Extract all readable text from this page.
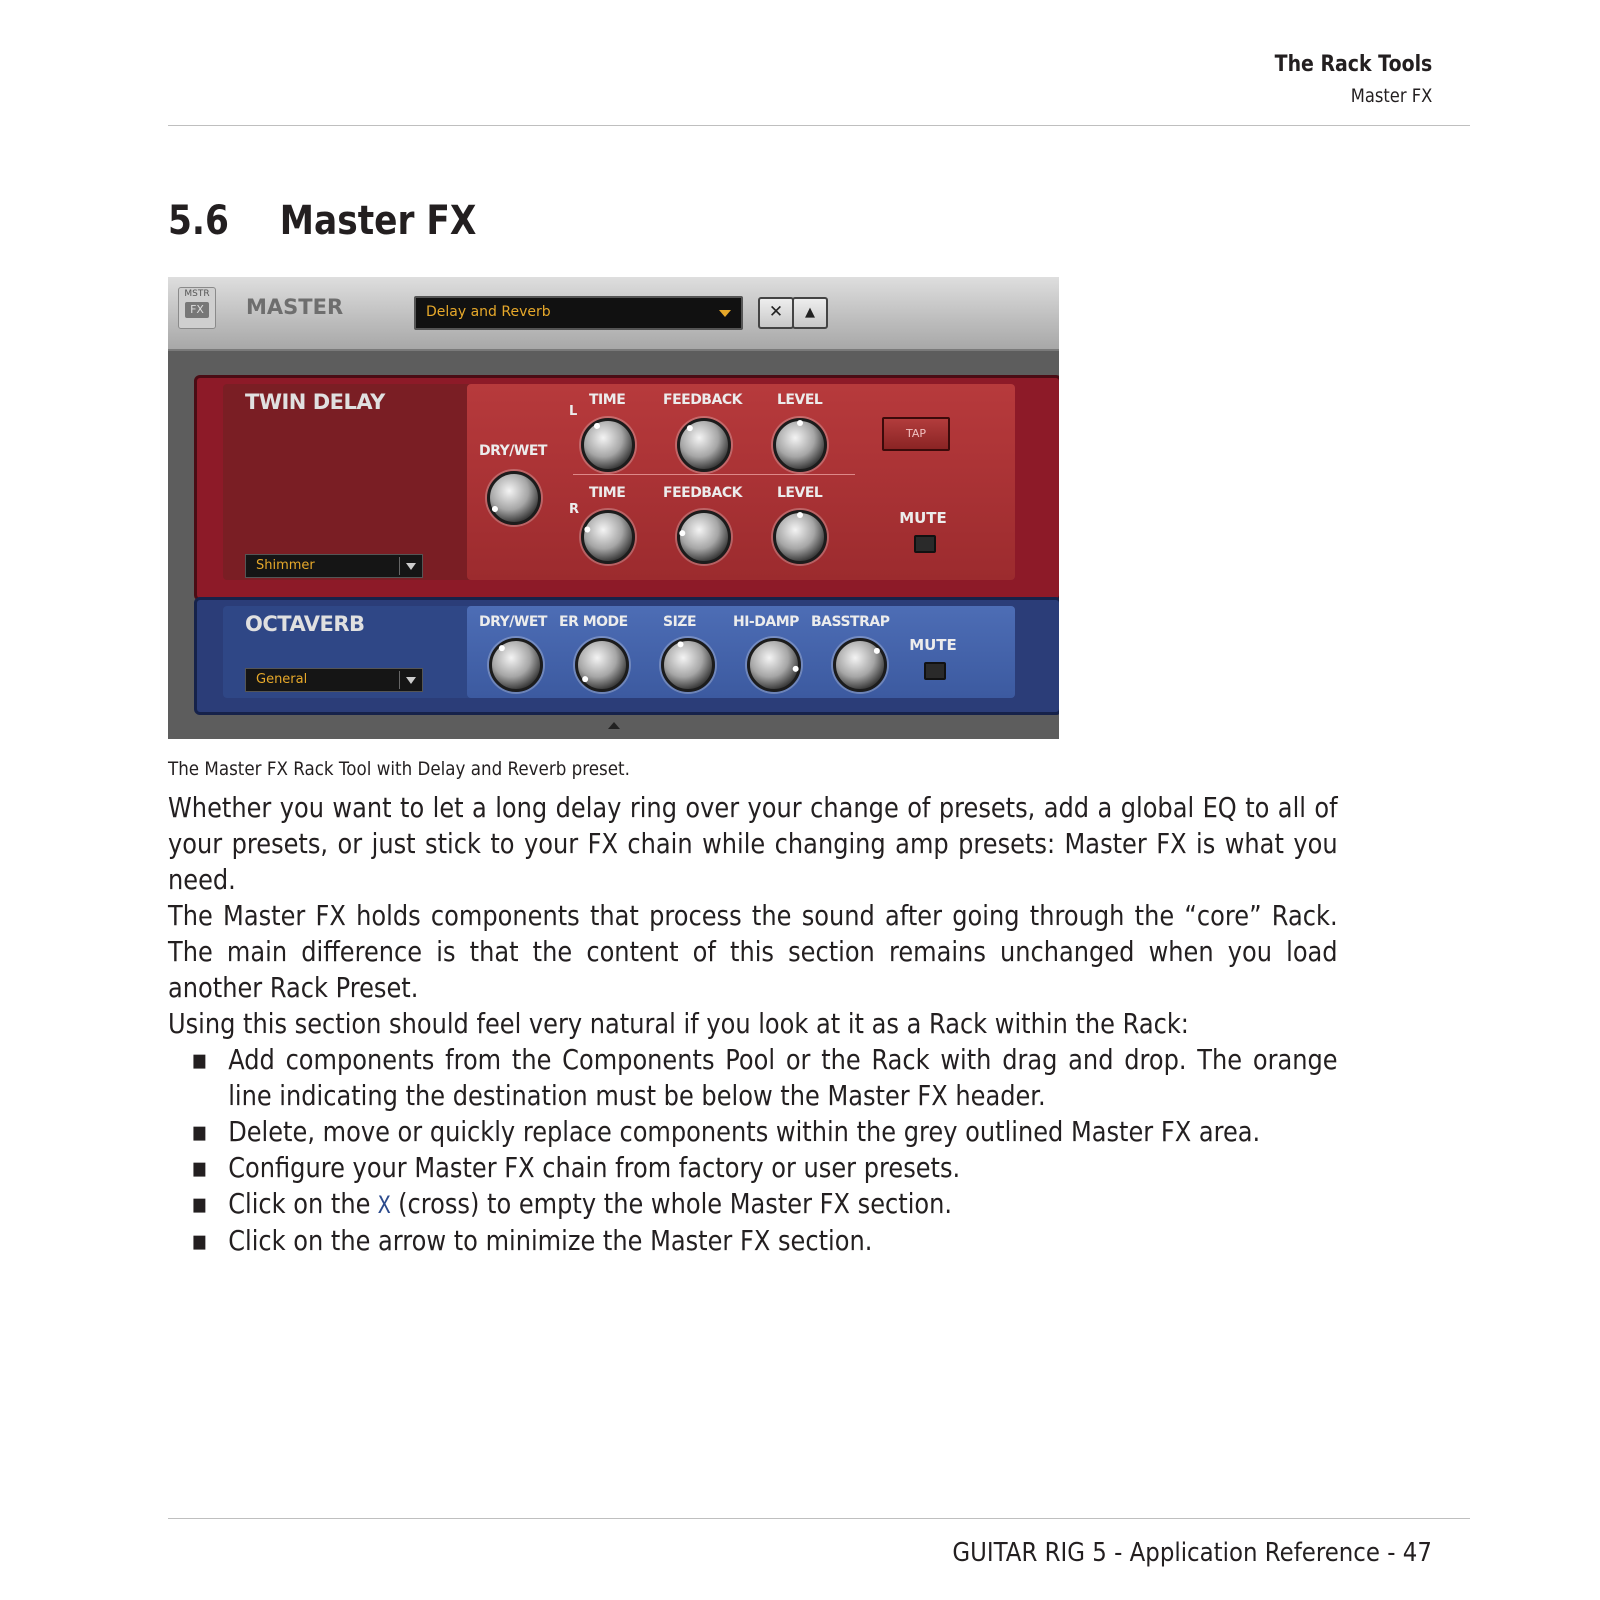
The Rack Tools
Master FX
5.6 Master FX
MSTR
FX MASTER	Delay and Reverb	✕	▲
TWIN DELAY
Shimmer
DRY/WET
L
TIME	FEEDBACK	LEVEL
R
TIME	FEEDBACK	LEVEL
MUTE
TAP
OCTAVERB
General
DRY/WET ER MODE	SIZE	HI-DAMP BASSTRAP
MUTE
The Master FX Rack Tool with Delay and Reverb preset.

Whether you want to let a long delay ring over your change of presets, add a global EQ to all of your presets, or just stick to your FX chain while changing amp presets: Master FX is what you need.

The Master FX holds components that process the sound after going through the “core” Rack. The main difference is that the content of this section remains unchanged when you load another Rack Preset.

Using this section should feel very natural if you look at it as a Rack within the Rack:

▪ Add components from the Components Pool or the Rack with drag and drop. The orange line indicating the destination must be below the Master FX header.
▪ Delete, move or quickly replace components within the grey outlined Master FX area.
▪ Configure your Master FX chain from factory or user presets.
▪ Click on the X (cross) to empty the whole Master FX section.
▪ Click on the arrow to minimize the Master FX section.
GUITAR RIG 5 - Application Reference - 47
